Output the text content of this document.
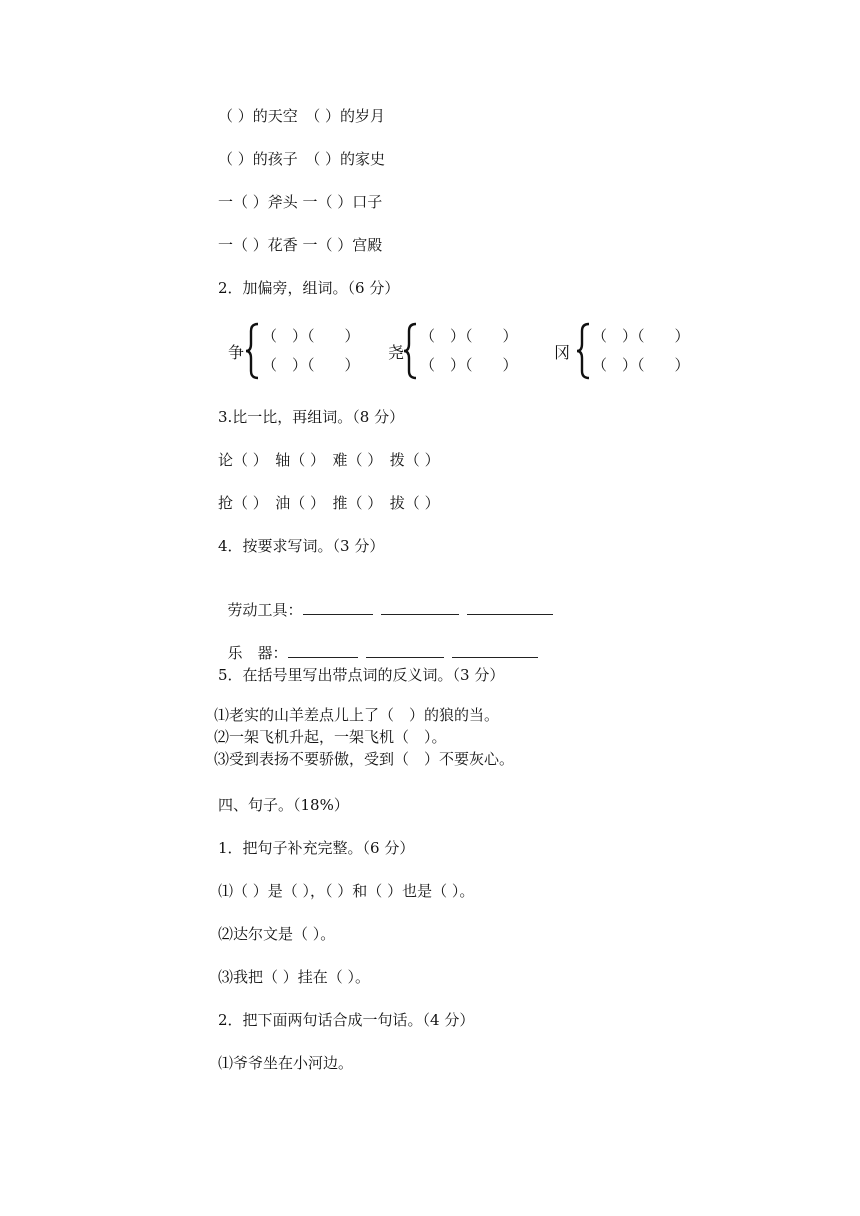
（ ）的天空　（ ）的岁月
（ ）的孩子　（ ）的家史
一（ ）斧头 一（ ）口子
一（ ）花香 一（ ）宫殿
2．加偏旁，组词。（6 分）
争
（　）（　　）
（　）（　　）
尧
（　）（　　）
（　）（　　）
冈
（　）（　　）
（　）（　　）
3.比一比，再组词。（8 分）
论（ ）　轴（ ）　难（ ）　拨（ ）
抢（ ）　油（ ）　推（ ）　拔（ ）
4．按要求写词。（3 分）

劳动工具：

乐　器：

5．在括号里写出带点词的反义词。（3 分）
⑴老实的山羊差点儿上了（　）的狼的当。
⑵一架飞机升起，一架飞机（　）。
⑶受到表扬不要骄傲，受到（　）不要灰心。
四、句子。（18%）
1．把句子补充完整。（6 分）
⑴（ ）是（ ），（ ）和（ ）也是（ ）。
⑵达尔文是（ ）。
⑶我把（ ）挂在（ ）。
2．把下面两句话合成一句话。（4 分）
⑴爷爷坐在小河边。
